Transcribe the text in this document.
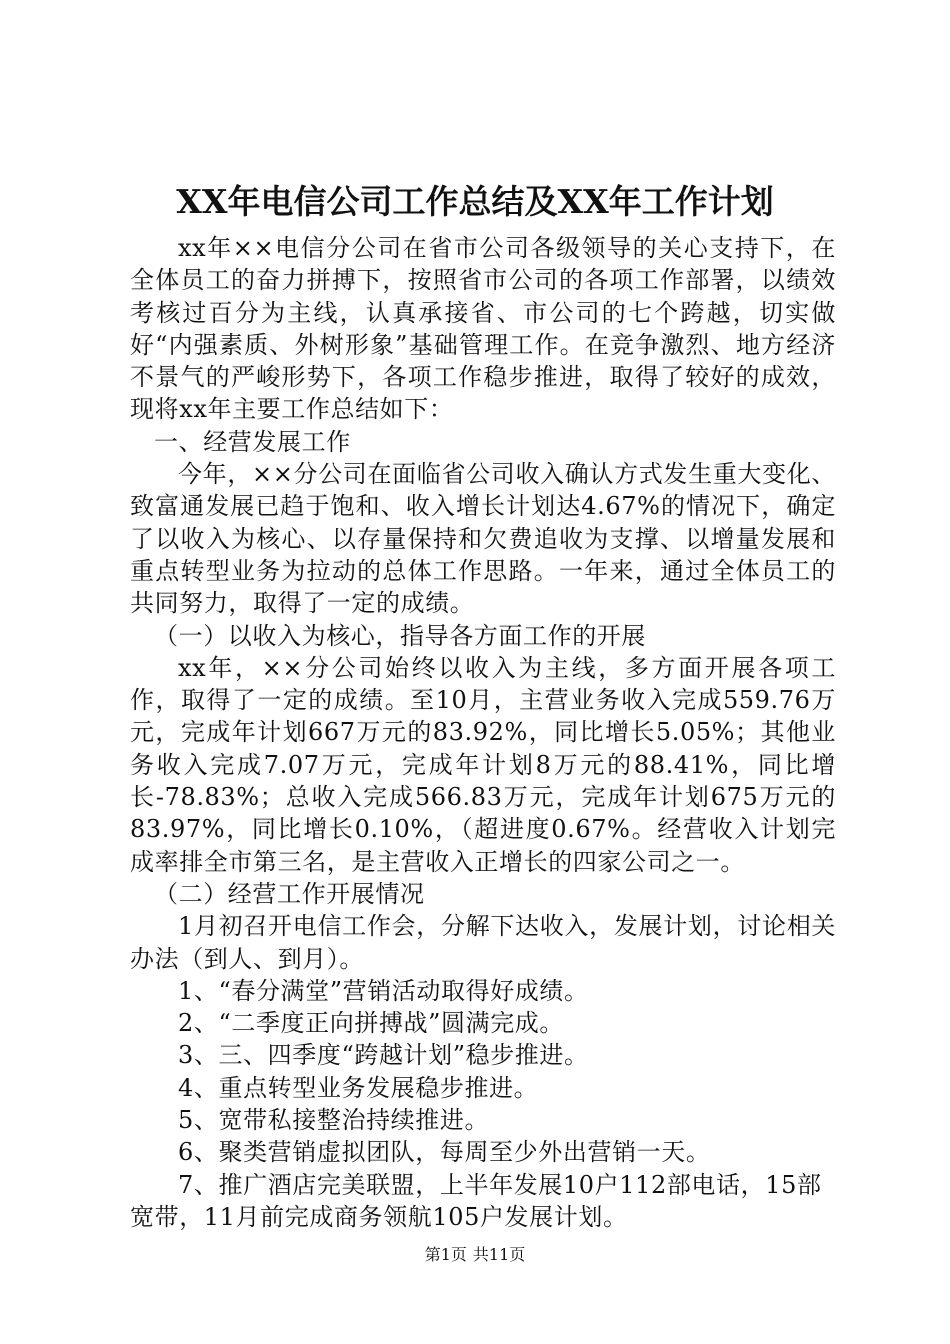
XX年电信公司工作总结及XX年工作计划

xx年××电信分公司在省市公司各级领导的关心支持下，在全体员工的奋力拼搏下，按照省市公司的各项工作部署，以绩效考核过百分为主线，认真承接省、市公司的七个跨越，切实做好“内强素质、外树形象”基础管理工作。在竞争激烈、地方经济不景气的严峻形势下，各项工作稳步推进，取得了较好的成效，现将xx年主要工作总结如下：

一、经营发展工作

今年，××分公司在面临省公司收入确认方式发生重大变化、致富通发展已趋于饱和、收入增长计划达4.67%的情况下，确定了以收入为核心、以存量保持和欠费追收为支撑、以增量发展和重点转型业务为拉动的总体工作思路。一年来，通过全体员工的共同努力，取得了一定的成绩。

（一）以收入为核心，指导各方面工作的开展

xx年，××分公司始终以收入为主线，多方面开展各项工作，取得了一定的成绩。至10月，主营业务收入完成559.76万元，完成年计划667万元的83.92%，同比增长5.05%；其他业务收入完成7.07万元，完成年计划8万元的88.41%，同比增长-78.83%；总收入完成566.83万元，完成年计划675万元的83.97%，同比增长0.10%，（超进度0.67%。经营收入计划完成率排全市第三名，是主营收入正增长的四家公司之一。

（二）经营工作开展情况

1月初召开电信工作会，分解下达收入，发展计划，讨论相关办法（到人、到月）。

1、“春分满堂”营销活动取得好成绩。

2、“二季度正向拼搏战”圆满完成。

3、三、四季度“跨越计划”稳步推进。

4、重点转型业务发展稳步推进。

5、宽带私接整治持续推进。

6、聚类营销虚拟团队，每周至少外出营销一天。

7、推广酒店完美联盟，上半年发展10户112部电话，15部宽带，11月前完成商务领航105户发展计划。

第1页 共11页
